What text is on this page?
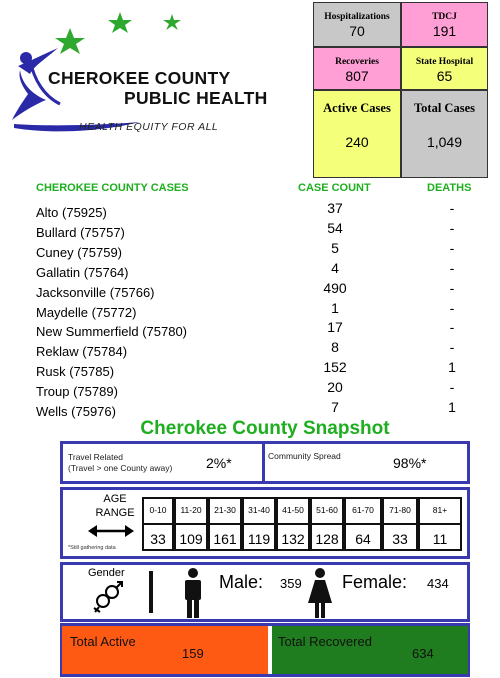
CHEROKEE COUNTY
PUBLIC HEALTH
HEALTH EQUITY FOR ALL
Hospitalizations
70
TDCJ
191
Recoveries
807
State Hospital
65
Active Cases
240
Total Cases
1,049
CHEROKEE COUNTY CASES	CASE COUNT	DEATHS
Alto (75925)	37	-
Bullard (75757)	54	-
Cuney (75759)	5	-
Gallatin (75764)	4	-
Jacksonville (75766)	490	-
Maydelle (75772)	1	-
New Summerfield (75780)	17	-
Reklaw (75784)	8	-
Rusk (75785)	152	1
Troup (75789)	20	-
Wells (75976)	7	1
Cherokee County Snapshot
Travel Related
(Travel > one County away) 2%*	Community Spread	98%*
AGE
RANGE
*Still gathering data
0-10
33
11-20
109
21-30
161
31-40
119
41-50
132
51-60
128
61-70
64
71-80
33
81+
11
Gender	Male: 359 Female: 434
Total Active
159
Total Recovered
634
